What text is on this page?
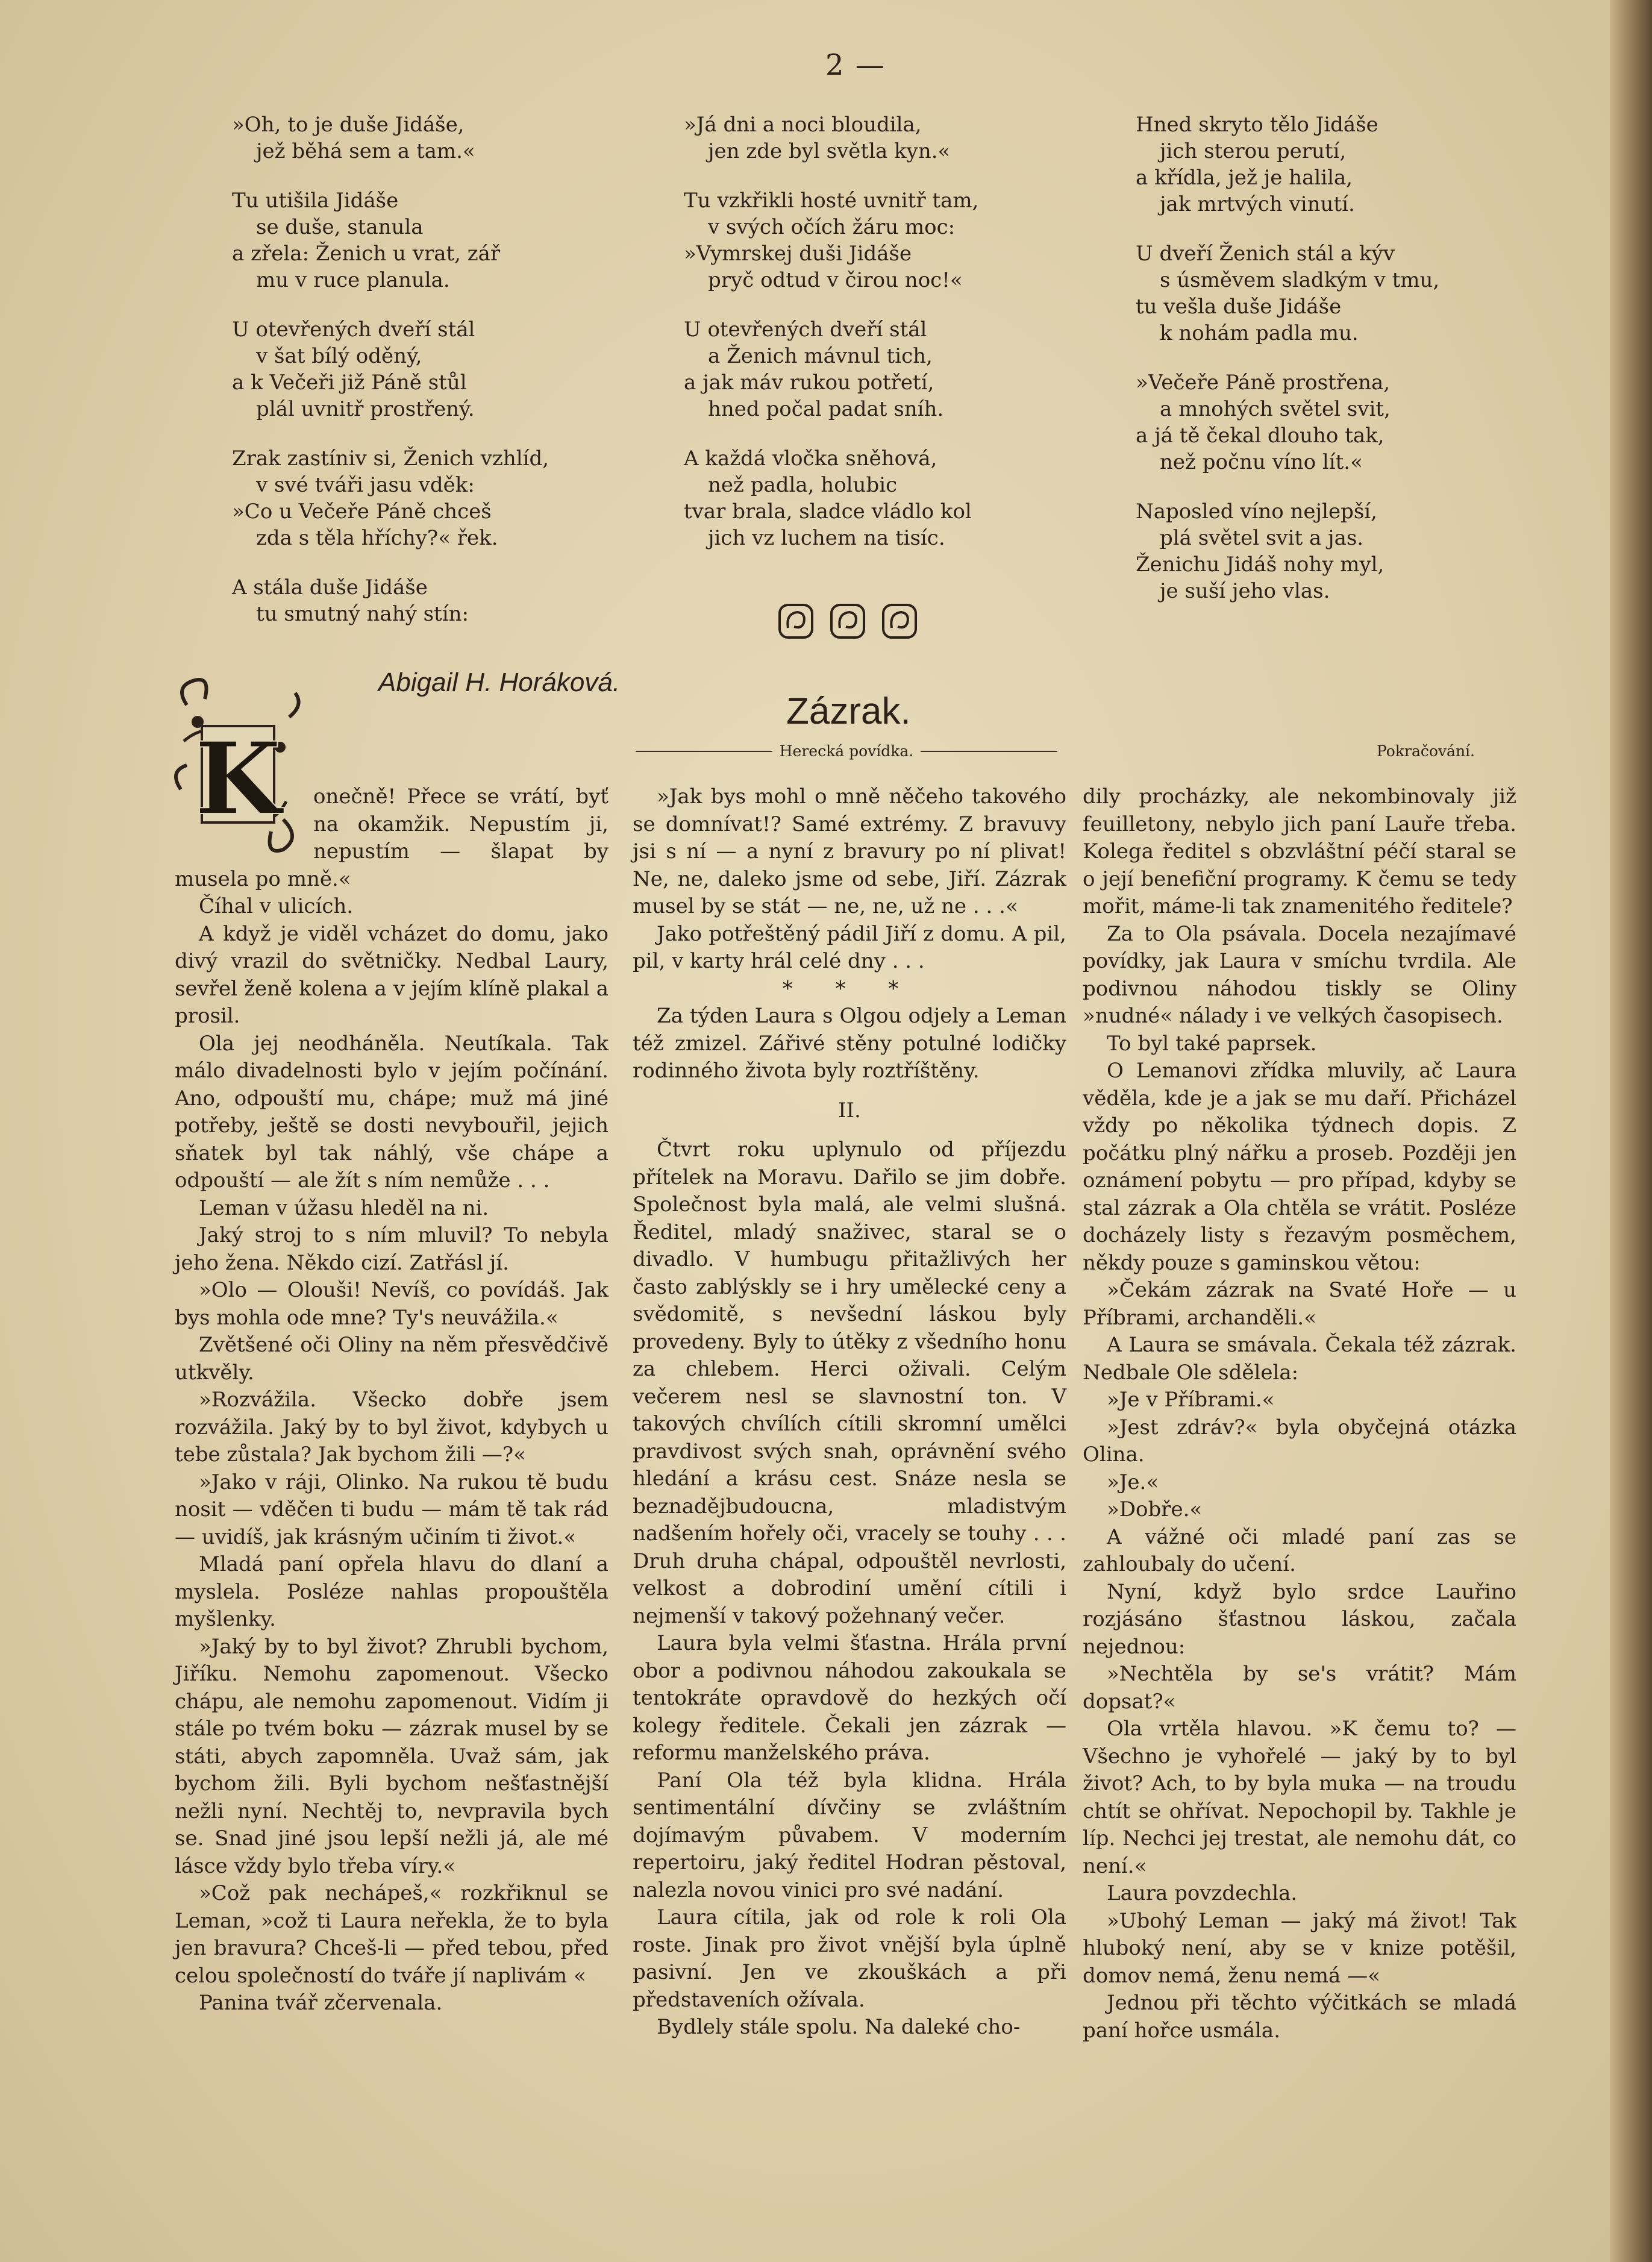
2 —
»Oh, to je duše Jidáše,
jež běhá sem a tam.«
Tu utišila Jidáše
se duše, stanula
a zřela: Ženich u vrat, zář
mu v ruce planula.
U otevřených dveří stál
v šat bílý oděný,
a k Večeři již Páně stůl
plál uvnitř prostřený.
Zrak zastíniv si, Ženich vzhlíd,
v své tváři jasu vděk:
»Co u Večeře Páně chceš
zda s těla hříchy?« řek.
A stála duše Jidáše
tu smutný nahý stín:
»Já dni a noci bloudila,
jen zde byl světla kyn.«
Tu vzkřikli hosté uvnitř tam,
v svých očích žáru moc:
»Vymrskej duši Jidáše
pryč odtud v čirou noc!«
U otevřených dveří stál
a Ženich mávnul tich,
a jak máv rukou potřetí,
hned počal padat sníh.
A každá vločka sněhová,
než padla, holubic
tvar brala, sladce vládlo kol
jich vz luchem na tisíc.
Hned skryto tělo Jidáše
jich sterou perutí,
a křídla, jež je halila,
jak mrtvých vinutí.
U dveří Ženich stál a kýv
s úsměvem sladkým v tmu,
tu vešla duše Jidáše
k nohám padla mu.
»Večeře Páně prostřena,
a mnohých světel svit,
a já tě čekal dlouho tak,
než počnu víno lít.«
Naposled víno nejlepší,
plá světel svit a jas.
Ženichu Jidáš nohy myl,
je suší jeho vlas.
Abigail H. Horáková.
Zázrak.
Herecká povídka.	Pokračování.
K	onečně! Přece se vrátí, byť na okamžik. Nepustím ji, nepustím — šlapat by musela po mně.«

Číhal v ulicích.

A když je viděl vcházet do domu, jako divý vrazil do světničky. Nedbal Laury, sevřel ženě kolena a v jejím klíně plakal a prosil.

Ola jej neodháněla. Neutíkala. Tak málo divadelnosti bylo v jejím počínání. Ano, odpouští mu, chápe; muž má jiné potřeby, ještě se dosti nevybouřil, jejich sňatek byl tak náhlý, vše chápe a odpouští — ale žít s ním nemůže . . .

Leman v úžasu hleděl na ni.

Jaký stroj to s ním mluvil? To nebyla jeho žena. Někdo cizí. Zatřásl jí.

»Olo — Olouši! Nevíš, co povídáš. Jak bys mohla ode mne? Ty's neuvážila.«

Zvětšené oči Oliny na něm přesvědčivě utkvěly.

»Rozvážila. Všecko dobře jsem rozvážila. Jaký by to byl život, kdybych u tebe zůstala? Jak bychom žili —?«

»Jako v ráji, Olinko. Na rukou tě budu nosit — vděčen ti budu — mám tě tak rád — uvidíš, jak krásným učiním ti život.«

Mladá paní opřela hlavu do dlaní a myslela. Posléze nahlas propouštěla myšlenky.

»Jaký by to byl život? Zhrubli bychom, Jiříku. Nemohu zapomenout. Všecko chápu, ale nemohu zapomenout. Vidím ji stále po tvém boku — zázrak musel by se státi, abych zapomněla. Uvaž sám, jak bychom žili. Byli bychom nešťastnější nežli nyní. Nechtěj to, nevpravila bych se. Snad jiné jsou lepší nežli já, ale mé lásce vždy bylo třeba víry.«

»Což pak nechápeš,« rozkřiknul se Leman, »což ti Laura neřekla, že to byla jen bravura? Chceš-li — před tebou, před celou společností do tváře jí naplivám «

Panina tvář zčervenala.

»Jak bys mohl o mně něčeho takového se domnívat!? Samé extrémy. Z bravuvy jsi s ní — a nyní z bravury po ní plivat! Ne, ne, daleko jsme od sebe, Jiří. Zázrak musel by se stát — ne, ne, už ne . . .«

Jako potřeštěný pádil Jiří z domu. A pil, pil, v karty hrál celé dny . . .

* * *

Za týden Laura s Olgou odjely a Leman též zmizel. Zářivé stěny potulné lodičky rodinného života byly roztříštěny.

II.

Čtvrt roku uplynulo od příjezdu přítelek na Moravu. Dařilo se jim dobře. Společnost byla malá, ale velmi slušná. Ředitel, mladý snaživec, staral se o divadlo. V humbugu přitažlivých her často zablýskly se i hry umělecké ceny a svědomitě, s nevšední láskou byly provedeny. Byly to útěky z všedního honu za chlebem. Herci oživali. Celým večerem nesl se slavnostní ton. V takových chvílích cítili skromní umělci pravdivost svých snah, oprávnění svého hledání a krásu cest. Snáze nesla se beznadějbudoucna, mladistvým nadšením hořely oči, vracely se touhy . . . Druh druha chápal, odpouštěl nevrlosti, velkost a dobrodiní umění cítili i nejmenší v takový požehnaný večer.

Laura byla velmi šťastna. Hrála první obor a podivnou náhodou zakoukala se tentokráte opravdově do hezkých očí kolegy ředitele. Čekali jen zázrak — reformu manželského práva.

Paní Ola též byla klidna. Hrála sentimentální dívčiny se zvláštním dojímavým půvabem. V moderním repertoiru, jaký ředitel Hodran pěstoval, nalezla novou vinici pro své nadání.

Laura cítila, jak od role k roli Ola roste. Jinak pro život vnější byla úplně pasivní. Jen ve zkouškách a při představeních ožívala.

Bydlely stále spolu. Na daleké cho-

dily procházky, ale nekombinovaly již feuilletony, nebylo jich paní Lauře třeba. Kolega ředitel s obzvláštní péčí staral se o její benefiční programy. K čemu se tedy mořit, máme-li tak znamenitého ředitele?

Za to Ola psávala. Docela nezajímavé povídky, jak Laura v smíchu tvrdila. Ale podivnou náhodou tiskly se Oliny »nudné« nálady i ve velkých časopisech.

To byl také paprsek.

O Lemanovi zřídka mluvily, ač Laura věděla, kde je a jak se mu daří. Přicházel vždy po několika týdnech dopis. Z počátku plný nářku a proseb. Později jen oznámení pobytu — pro případ, kdyby se stal zázrak a Ola chtěla se vrátit. Posléze docházely listy s řezavým posměchem, někdy pouze s gaminskou větou:

»Čekám zázrak na Svaté Hoře — u Příbrami, archanděli.«

A Laura se smávala. Čekala též zázrak. Nedbale Ole sdělela:

»Je v Příbrami.«

»Jest zdráv?« byla obyčejná otázka Olina.

»Je.«

»Dobře.«

A vážné oči mladé paní zas se zahloubaly do učení.

Nyní, když bylo srdce Lauřino rozjásáno šťastnou láskou, začala nejednou:

»Nechtěla by se's vrátit? Mám dopsat?«

Ola vrtěla hlavou. »K čemu to? — Všechno je vyhořelé — jaký by to byl život? Ach, to by byla muka — na troudu chtít se ohřívat. Nepochopil by. Takhle je líp. Nechci jej trestat, ale nemohu dát, co není.«

Laura povzdechla.

»Ubohý Leman — jaký má život! Tak hluboký není, aby se v knize potěšil, domov nemá, ženu nemá —«

Jednou při těchto výčitkách se mladá paní hořce usmála.
